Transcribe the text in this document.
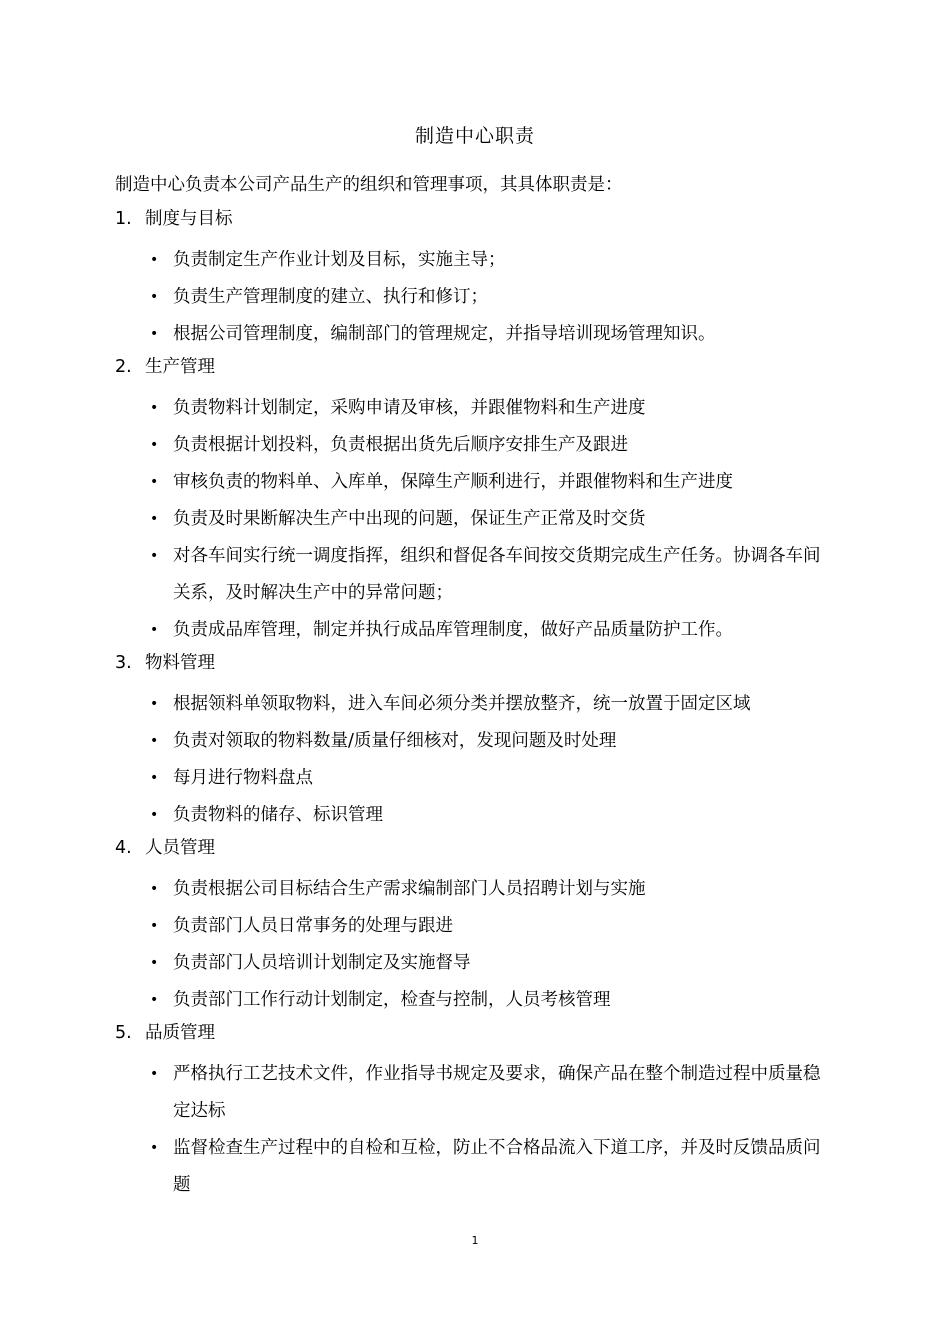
制造中心职责
制造中心负责本公司产品生产的组织和管理事项，其具体职责是：
1. 制度与目标
• 负责制定生产作业计划及目标，实施主导；
• 负责生产管理制度的建立、执行和修订；
• 根据公司管理制度，编制部门的管理规定，并指导培训现场管理知识。
2. 生产管理
• 负责物料计划制定，采购申请及审核，并跟催物料和生产进度
• 负责根据计划投料，负责根据出货先后顺序安排生产及跟进
• 审核负责的物料单、入库单，保障生产顺利进行，并跟催物料和生产进度
• 负责及时果断解决生产中出现的问题，保证生产正常及时交货
• 对各车间实行统一调度指挥，组织和督促各车间按交货期完成生产任务。协调各车间关系，及时解决生产中的异常问题；
• 负责成品库管理，制定并执行成品库管理制度，做好产品质量防护工作。
3. 物料管理
• 根据领料单领取物料，进入车间必须分类并摆放整齐，统一放置于固定区域
• 负责对领取的物料数量/质量仔细核对，发现问题及时处理
• 每月进行物料盘点
• 负责物料的储存、标识管理
4. 人员管理
• 负责根据公司目标结合生产需求编制部门人员招聘计划与实施
• 负责部门人员日常事务的处理与跟进
• 负责部门人员培训计划制定及实施督导
• 负责部门工作行动计划制定，检查与控制，人员考核管理
5. 品质管理
• 严格执行工艺技术文件，作业指导书规定及要求，确保产品在整个制造过程中质量稳定达标
• 监督检查生产过程中的自检和互检，防止不合格品流入下道工序，并及时反馈品质问题
1
